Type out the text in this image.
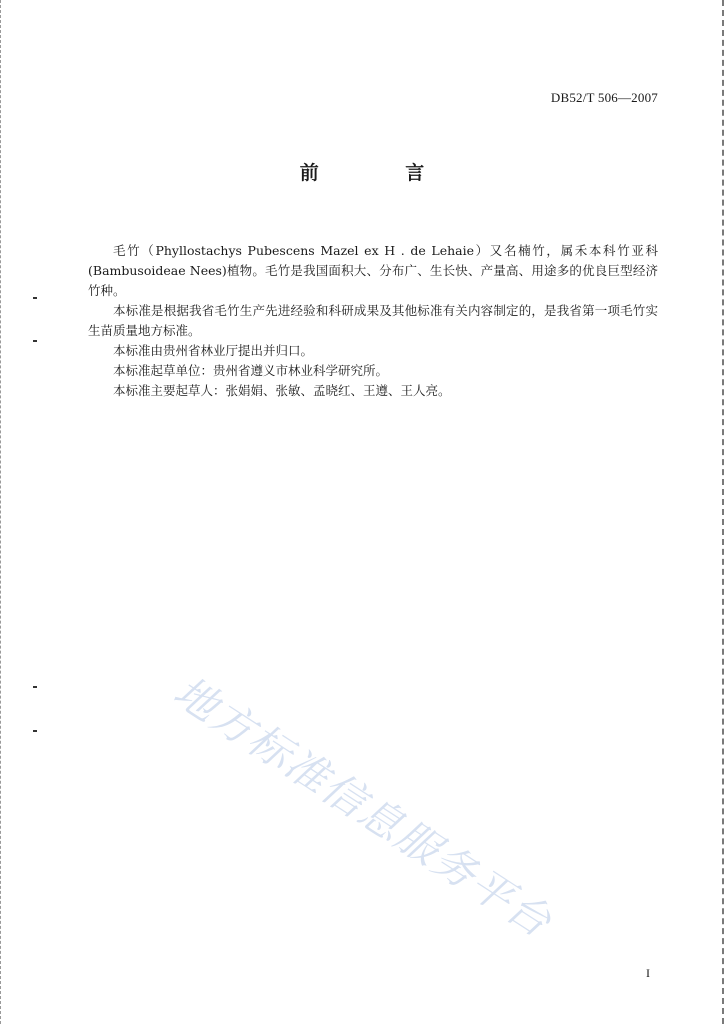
DB52/T 506—2007
前 言

毛竹（Phyllostachys Pubescens Mazel ex H . de Lehaie）又名楠竹，属禾本科竹亚科(Bambusoideae Nees)植物。毛竹是我国面积大、分布广、生长快、产量高、用途多的优良巨型经济竹种。

本标准是根据我省毛竹生产先进经验和科研成果及其他标准有关内容制定的，是我省第一项毛竹实生苗质量地方标准。

本标准由贵州省林业厅提出并归口。

本标准起草单位：贵州省遵义市林业科学研究所。

本标准主要起草人：张娟娟、张敏、孟晓红、王遵、王人亮。

地方标准信息服务平台
I
